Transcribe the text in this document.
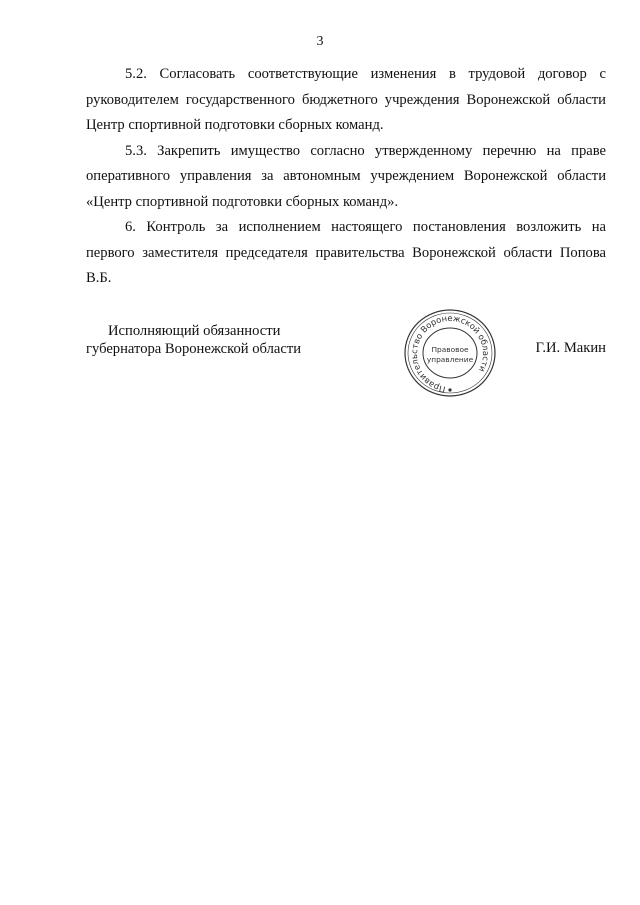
3

5.2. Согласовать соответствующие изменения в трудовой договор с руководителем государственного бюджетного учреждения Воронежской области Центр спортивной подготовки сборных команд.

5.3. Закрепить имущество согласно утвержденному перечню на праве оперативного управления за автономным учреждением Воронежской области «Центр спортивной подготовки сборных команд».

6. Контроль за исполнением настоящего постановления возложить на первого заместителя председателя правительства Воронежской области Попова В.Б.

Исполняющий обязанности
губернатора Воронежской области
Правительство Воронежской области
Правовое
управление
Г.И. Макин
